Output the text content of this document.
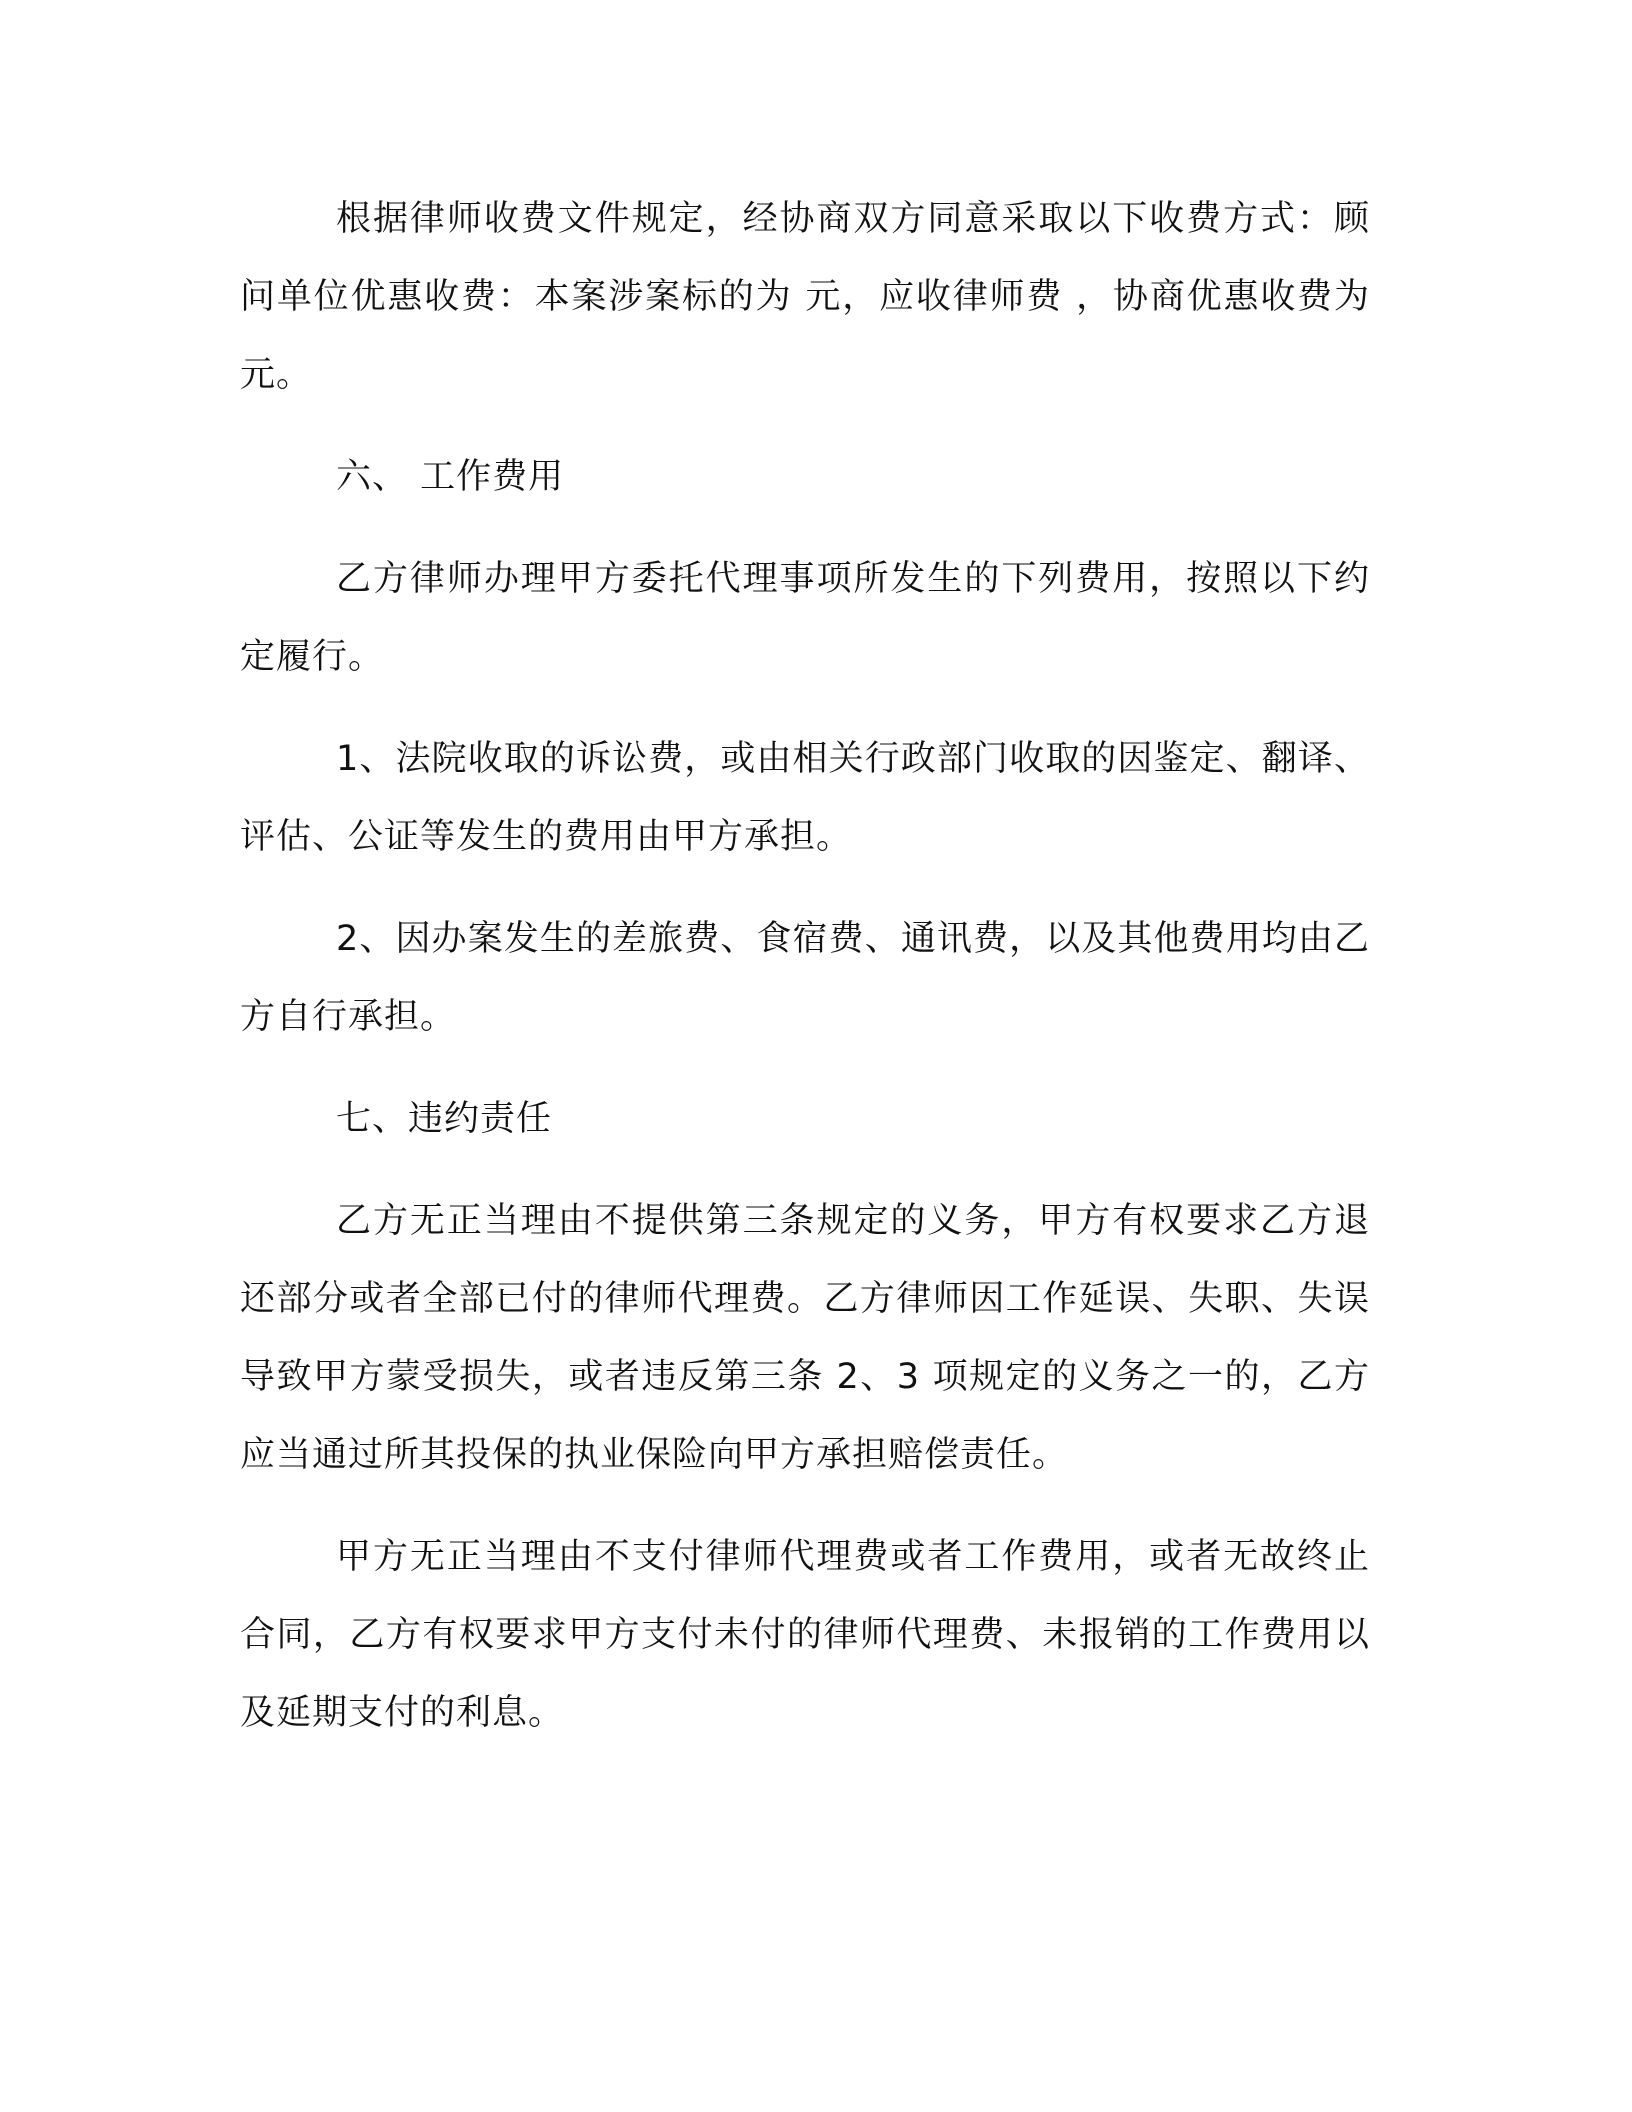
根据律师收费文件规定，经协商双方同意采取以下收费方式：顾问单位优惠收费：本案涉案标的为 元，应收律师费 ，协商优惠收费为 元。

六、 工作费用

乙方律师办理甲方委托代理事项所发生的下列费用，按照以下约定履行。

1、法院收取的诉讼费，或由相关行政部门收取的因鉴定、翻译、评估、公证等发生的费用由甲方承担。

2、因办案发生的差旅费、食宿费、通讯费，以及其他费用均由乙方自行承担。

七、违约责任

乙方无正当理由不提供第三条规定的义务，甲方有权要求乙方退还部分或者全部已付的律师代理费。乙方律师因工作延误、失职、失误导致甲方蒙受损失，或者违反第三条 2、3 项规定的义务之一的，乙方应当通过所其投保的执业保险向甲方承担赔偿责任。

甲方无正当理由不支付律师代理费或者工作费用，或者无故终止合同，乙方有权要求甲方支付未付的律师代理费、未报销的工作费用以及延期支付的利息。
